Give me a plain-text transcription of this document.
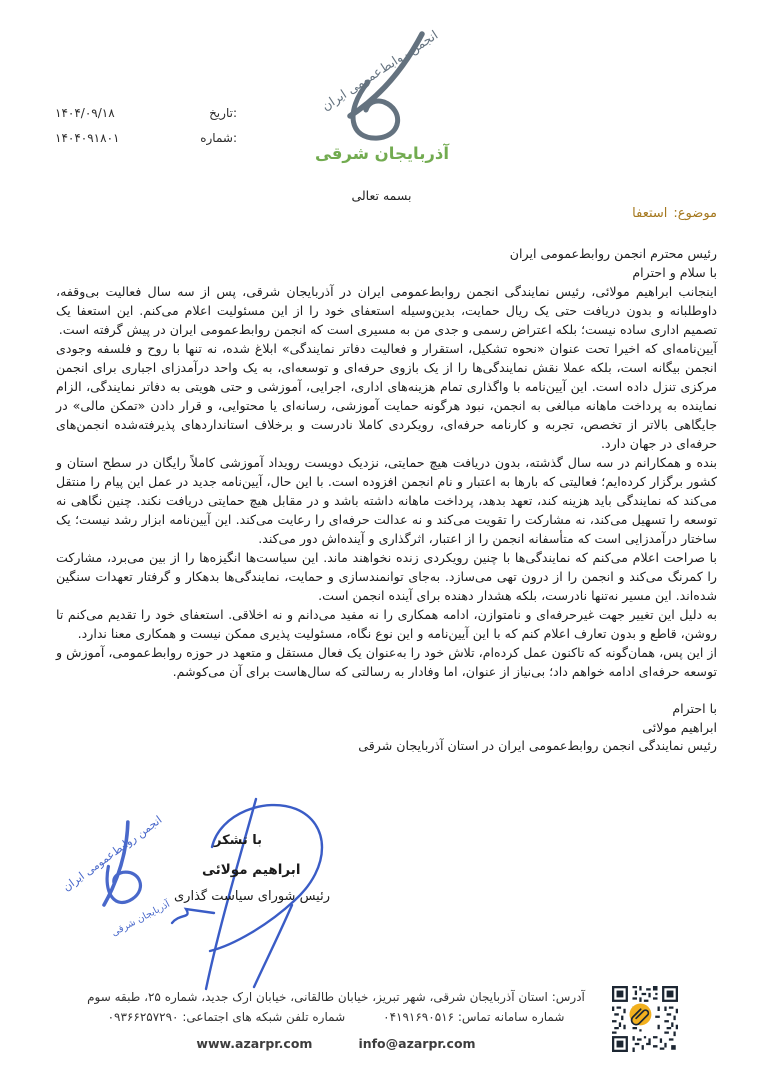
انجمن روابط‌عمومی ایران
آذربایجان شرقی
تاریخ:
۱۴۰۴/۰۹/۱۸
شماره:
۱۴۰۴۰۹۱۸۰۱
بسمه تعالی
موضوع:استعفا
رئیس محترم انجمن روابط‌عمومی ایران
با سلام و احترام

اینجانب ابراهیم مولائی، رئیس نمایندگی انجمن روابط‌عمومی ایران در آذربایجان شرقی، پس از سه سال فعالیت بی‌وقفه، داوطلبانه و بدون دریافت حتی یک ریال حمایت، بدین‌وسیله استعفای خود را از این مسئولیت اعلام می‌کنم. این استعفا یک تصمیم اداری ساده نیست؛ بلکه اعتراض رسمی و جدی من به مسیری است که انجمن روابط‌عمومی ایران در پیش گرفته است.

آیین‌نامه‌ای که اخیرا تحت عنوان «نحوه تشکیل، استقرار و فعالیت دفاتر نمایندگی» ابلاغ شده، نه تنها با روح و فلسفه وجودی انجمن بیگانه است، بلکه عملا نقش نمایندگی‌ها را از یک بازوی حرفه‌ای و توسعه‌ای، به یک واحد درآمدزای اجباری برای انجمن مرکزی تنزل داده است. این آیین‌نامه با واگذاری تمام هزینه‌های اداری، اجرایی، آموزشی و حتی هویتی به دفاتر نمایندگی، الزام نماینده به پرداخت ماهانه مبالغی به انجمن، نبود هرگونه حمایت آموزشی، رسانه‌ای یا محتوایی، و قرار دادن «تمکن مالی» در جایگاهی بالاتر از تخصص، تجربه و کارنامه حرفه‌ای، رویکردی کاملا نادرست و برخلاف استانداردهای پذیرفته‌شده انجمن‌های حرفه‌ای در جهان دارد.

بنده و همکارانم در سه سال گذشته، بدون دریافت هیچ حمایتی، نزدیک دویست رویداد آموزشی کاملاً رایگان در سطح استان و کشور برگزار کرده‌ایم؛ فعالیتی که بارها به اعتبار و نام انجمن افزوده است. با این حال، آیین‌نامه جدید در عمل این پیام را منتقل می‌کند که نمایندگی باید هزینه کند، تعهد بدهد، پرداخت ماهانه داشته باشد و در مقابل هیچ حمایتی دریافت نکند. چنین نگاهی نه توسعه را تسهیل می‌کند، نه مشارکت را تقویت می‌کند و نه عدالت حرفه‌ای را رعایت می‌کند. این آیین‌نامه ابزار رشد نیست؛ یک ساختار درآمدزایی است که متأسفانه انجمن را از اعتبار، اثرگذاری و آینده‌اش دور می‌کند.

با صراحت اعلام می‌کنم که نمایندگی‌ها با چنین رویکردی زنده نخواهند ماند. این سیاست‌ها انگیزه‌ها را از بین می‌برد، مشارکت را کمرنگ می‌کند و انجمن را از درون تهی می‌سازد. به‌جای توانمندسازی و حمایت، نمایندگی‌ها بدهکار و گرفتار تعهدات سنگین شده‌اند. این مسیر نه‌تنها نادرست، بلکه هشدار دهنده برای آینده انجمن است.

به دلیل این تغییر جهت غیرحرفه‌ای و نامتوازن، ادامه همکاری را نه مفید می‌دانم و نه اخلاقی. استعفای خود را تقدیم می‌کنم تا روشن، قاطع و بدون تعارف اعلام کنم که با این آیین‌نامه و این نوع نگاه، مسئولیت پذیری ممکن نیست و همکاری معنا ندارد.

از این پس، همان‌گونه که تاکنون عمل کرده‌ام، تلاش خود را به‌عنوان یک فعال مستقل و متعهد در حوزه روابط‌عمومی، آموزش و توسعه حرفه‌ای ادامه خواهم داد؛ بی‌نیاز از عنوان، اما وفادار به رسالتی که سال‌هاست برای آن می‌کوشم.

با احترام
ابراهیم مولائی
رئیس نمایندگی انجمن روابط‌عمومی ایران در استان آذربایجان شرقی
انجمن روابط‌عمومی ایران
آذربایجان شرقی
با تشکر
ابراهیم مولائی
رئیس شورای سیاست گذاری
آدرس: استان آذربایجان شرقی، شهر تبریز، خیابان طالقانی، خیابان ارک جدید، شماره ۲۵، طبقه سوم
شماره سامانه تماس: ۰۴۱۹۱۶۹۰۵۱۶
شماره تلفن شبکه های اجتماعی: ۰۹۳۶۶۲۵۷۲۹۰
www.azarpr.com	info@azarpr.com
